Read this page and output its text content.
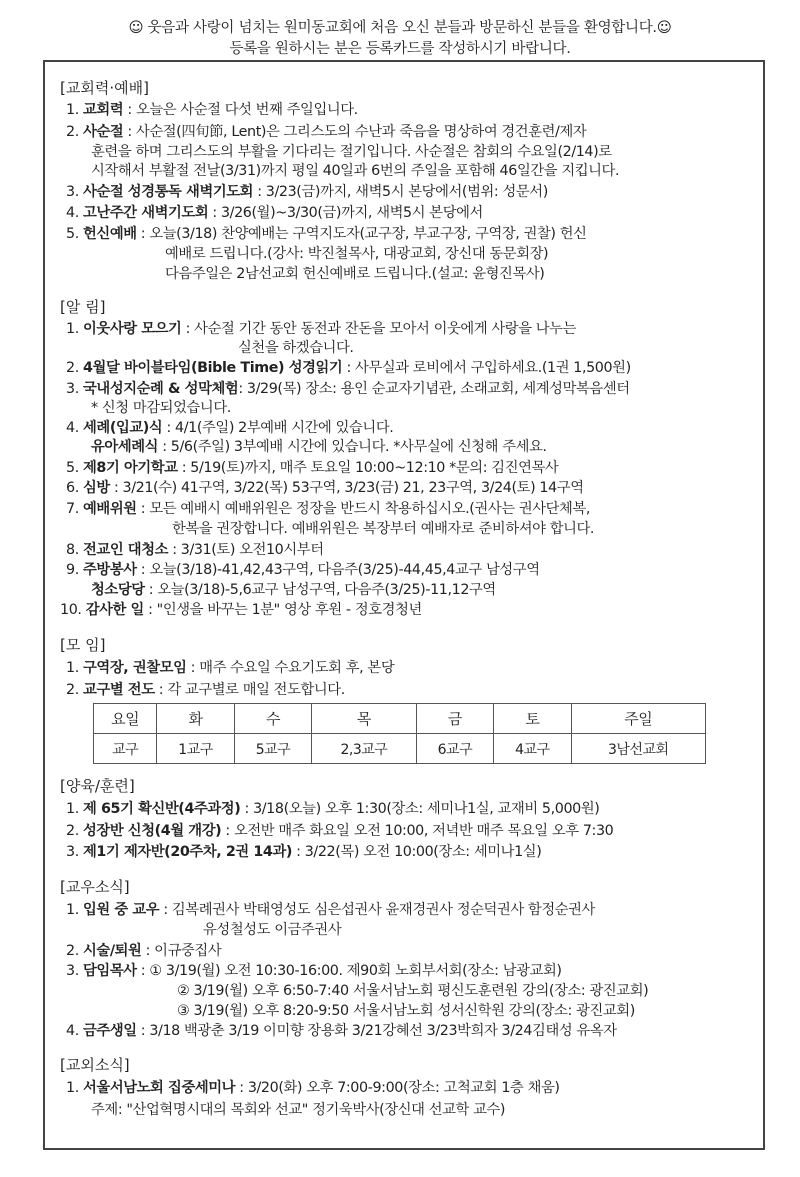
☺ 웃음과 사랑이 넘치는 원미동교회에 처음 오신 분들과 방문하신 분들을 환영합니다.☺
등록을 원하시는 분은 등록카드를 작성하시기 바랍니다.
[교회력·예배]
1. 교회력 : 오늘은 사순절 다섯 번째 주일입니다.
2. 사순절 : 사순절(四旬節, Lent)은 그리스도의 수난과 죽음을 명상하여 경건훈련/제자
훈련을 하며 그리스도의 부활을 기다리는 절기입니다. 사순절은 참회의 수요일(2/14)로
시작해서 부활절 전날(3/31)까지 평일 40일과 6번의 주일을 포함해 46일간을 지킵니다.
3. 사순절 성경통독 새벽기도회 : 3/23(금)까지, 새벽5시 본당에서(범위: 성문서)
4. 고난주간 새벽기도회 : 3/26(월)~3/30(금)까지, 새벽5시 본당에서
5. 헌신예배 : 오늘(3/18) 찬양예배는 구역지도자(교구장, 부교구장, 구역장, 권찰) 헌신
예배로 드립니다.(강사: 박진철목사, 대광교회, 장신대 동문회장)
다음주일은 2남선교회 헌신예배로 드립니다.(설교: 윤형진목사)
[알 림]
1. 이웃사랑 모으기 : 사순절 기간 동안 동전과 잔돈을 모아서 이웃에게 사랑을 나누는
실천을 하겠습니다.
2. 4월달 바이블타임(Bible Time) 성경읽기 : 사무실과 로비에서 구입하세요.(1권 1,500원)
3. 국내성지순례 & 성막체험: 3/29(목) 장소: 용인 순교자기념관, 소래교회, 세계성막복음센터
* 신청 마감되었습니다.
4. 세례(입교)식 : 4/1(주일) 2부예배 시간에 있습니다.
유아세례식 : 5/6(주일) 3부예배 시간에 있습니다. *사무실에 신청해 주세요.
5. 제8기 아기학교 : 5/19(토)까지, 매주 토요일 10:00~12:10 *문의: 김진연목사
6. 심방 : 3/21(수) 41구역, 3/22(목) 53구역, 3/23(금) 21, 23구역, 3/24(토) 14구역
7. 예배위원 : 모든 예배시 예배위원은 정장을 반드시 착용하십시오.(권사는 권사단체복,
한복을 권장합니다. 예배위원은 복장부터 예배자로 준비하셔야 합니다.
8. 전교인 대청소 : 3/31(토) 오전10시부터
9. 주방봉사 : 오늘(3/18)-41,42,43구역, 다음주(3/25)-44,45,4교구 남성구역
청소당당 : 오늘(3/18)-5,6교구 남성구역, 다음주(3/25)-11,12구역
10. 감사한 일 : "인생을 바꾸는 1분" 영상 후원 - 정호경청년
[모 임]
1. 구역장, 권찰모임 : 매주 수요일 수요기도회 후, 본당
2. 교구별 전도 : 각 교구별로 매일 전도합니다.
요일	화	수	목	금	토	주일
교구	1교구	5교구	2,3교구	6교구	4교구	3남선교회
[양육/훈련]
1. 제 65기 확신반(4주과정) : 3/18(오늘) 오후 1:30(장소: 세미나1실, 교재비 5,000원)
2. 성장반 신청(4월 개강) : 오전반 매주 화요일 오전 10:00, 저녁반 매주 목요일 오후 7:30
3. 제1기 제자반(20주차, 2권 14과) : 3/22(목) 오전 10:00(장소: 세미나1실)
[교우소식]
1. 입원 중 교우 : 김복례권사 박태영성도 심은섭권사 윤재경권사 정순덕권사 함정순권사
유성철성도 이금주권사
2. 시술/퇴원 : 이규중집사
3. 담임목사 : ① 3/19(월) 오전 10:30-16:00. 제90회 노회부서회(장소: 남광교회)
② 3/19(월) 오후 6:50-7:40 서울서남노회 평신도훈련원 강의(장소: 광진교회)
③ 3/19(월) 오후 8:20-9:50 서울서남노회 성서신학원 강의(장소: 광진교회)
4. 금주생일 : 3/18 백광춘 3/19 이미향 장용화 3/21강혜선 3/23박희자 3/24김태성 유옥자
[교외소식]
1. 서울서남노회 집중세미나 : 3/20(화) 오후 7:00-9:00(장소: 고척교회 1층 채움)
주제: "산업혁명시대의 목회와 선교" 정기욱박사(장신대 선교학 교수)
